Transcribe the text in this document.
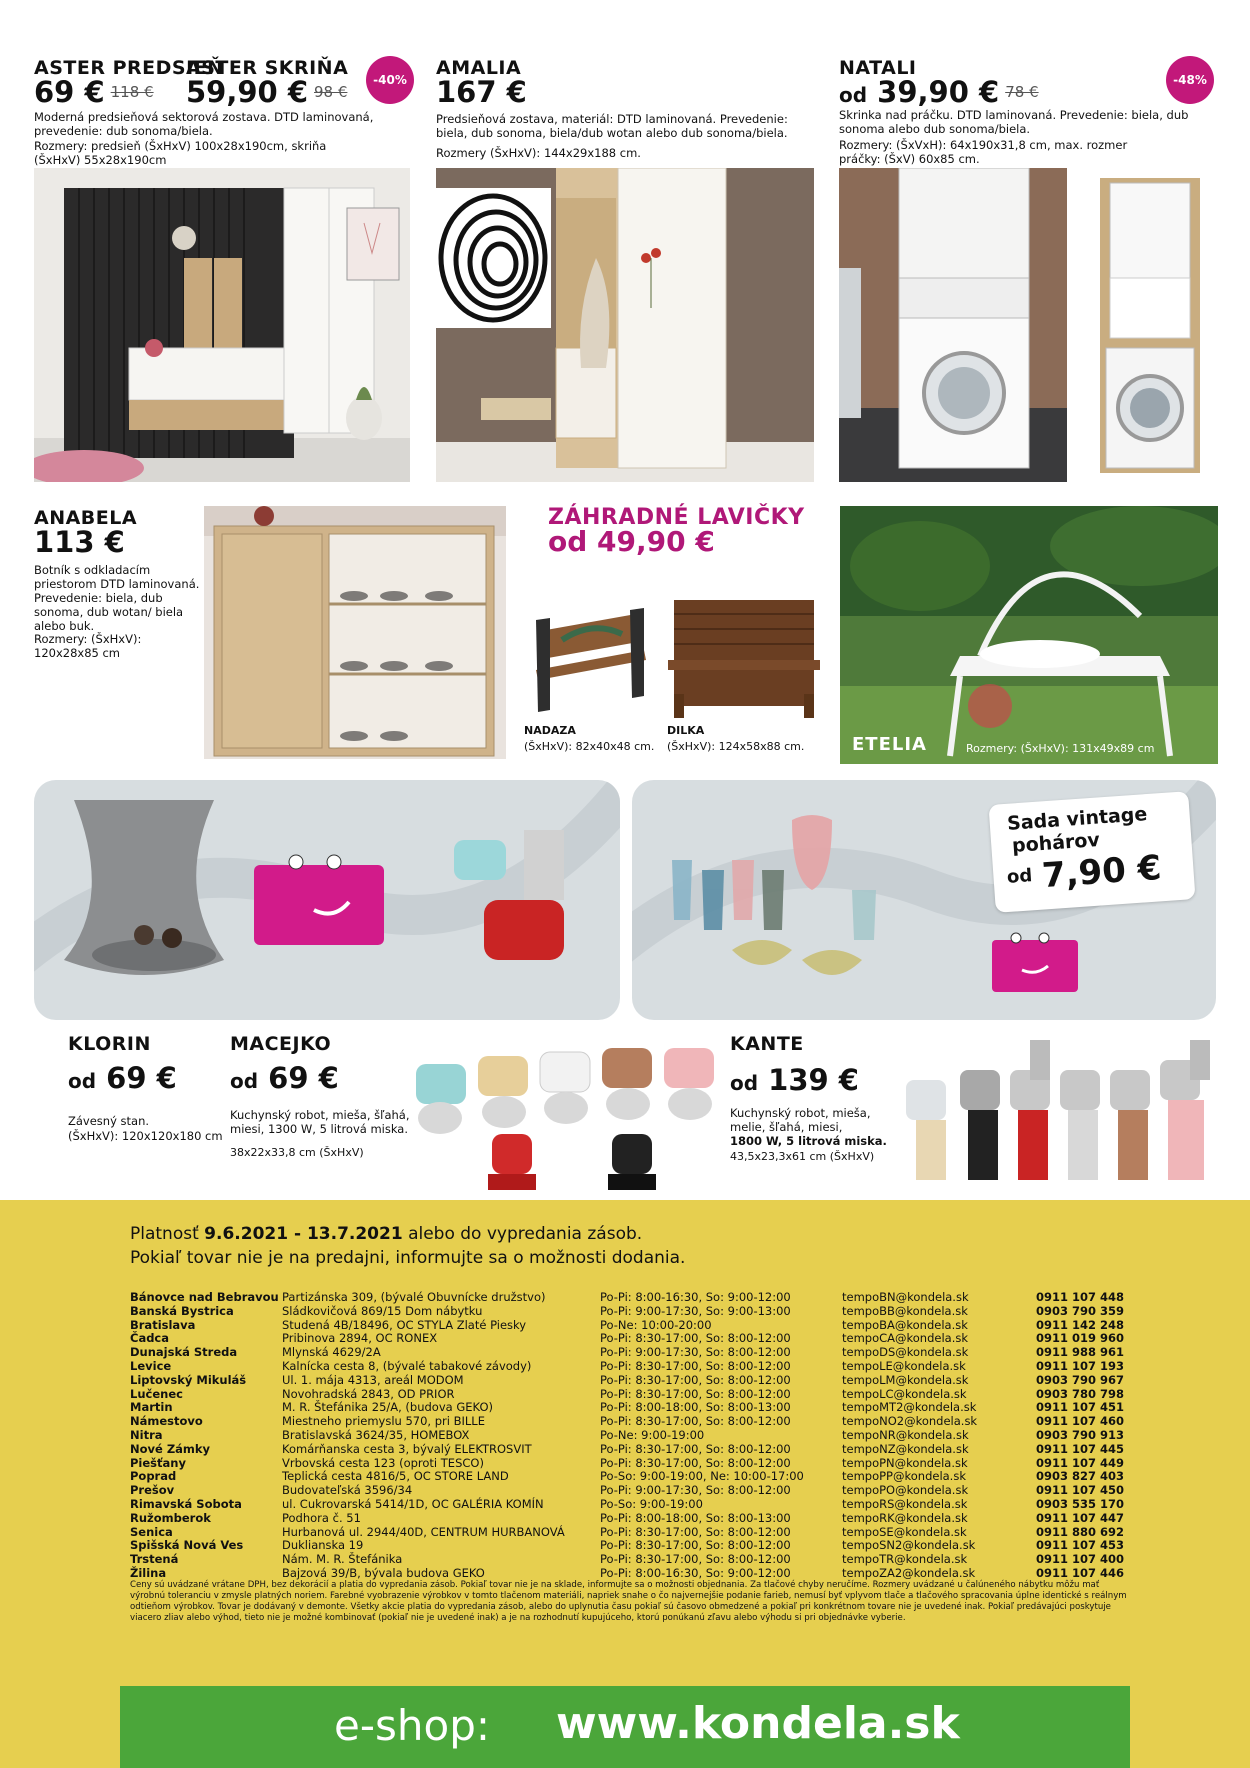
ASTER PREDSIEŇ
ASTER SKRIŇA
69 € $^{118 €}$ 59,90 € $^{98 €}$
-40%
Moderná predsieňová sektorová zostava. DTD laminovaná, prevedenie: dub sonoma/biela.
Rozmery: predsieň (ŠxHxV) 100x28x190cm, skriňa (ŠxHxV) 55x28x190cm
AMALIA
167 €
Predsieňová zostava, materiál: DTD laminovaná. Prevedenie: biela, dub sonoma, biela/dub wotan alebo dub sonoma/biela.
Rozmery (ŠxHxV): 144x29x188 cm.
NATALI
od 39,90 € $^{78 €}$
-48%
Skrinka nad práčku. DTD laminovaná. Prevedenie: biela, dub sonoma alebo dub sonoma/biela.
Rozmery: (ŠxVxH): 64x190x31,8 cm, max. rozmer práčky: (ŠxV) 60x85 cm.
ANABELA
113 €
Botník s odkladacím priestorom DTD laminovaná. Prevedenie: biela, dub sonoma, dub wotan/ biela alebo buk.
Rozmery: (ŠxHxV): 120x28x85 cm
ZÁHRADNÉ LAVIČKY
od 49,90 €
NADAZA
(ŠxHxV): 82x40x48 cm.
DILKA
(ŠxHxV): 124x58x88 cm.	ETELIA	Rozmery: (ŠxHxV): 131x49x89 cm
Sada vintage
pohárov
od 7,90 €
KLORIN
od 69 €
Závesný stan.
(ŠxHxV): 120x120x180 cm
MACEJKO
od 69 €
Kuchynský robot, mieša, šľahá, miesi, 1300 W, 5 litrová miska.
38x22x33,8 cm (ŠxHxV)
KANTE
od 139 €
Kuchynský robot, mieša, melie, šľahá, miesi,
1800 W, 5 litrová miska.
43,5x23,3x61 cm (ŠxHxV)
Platnosť 9.6.2021 - 13.7.2021 alebo do vypredania zásob.
Pokiaľ tovar nie je na predajni, informujte sa o možnosti dodania.
Bánovce nad Bebravou Partizánska 309, (bývalé Obuvnícke družstvo)	Po-Pi: 8:00-16:30, So: 9:00-12:00	tempoBN@kondela.sk	0911 107 448
Banská Bystrica	Sládkovičová 869/15 Dom nábytku	Po-Pi: 9:00-17:30, So: 9:00-13:00	tempoBB@kondela.sk	0903 790 359
Bratislava	Studená 4B/18496, OC STYLA Zlaté Piesky	Po-Ne: 10:00-20:00	tempoBA@kondela.sk	0911 142 248
Čadca	Pribinova 2894, OC RONEX	Po-Pi: 8:30-17:00, So: 8:00-12:00	tempoCA@kondela.sk	0911 019 960
Dunajská Streda	Mlynská 4629/2A	Po-Pi: 9:00-17:30, So: 8:00-12:00	tempoDS@kondela.sk	0911 988 961
Levice	Kalnícka cesta 8, (bývalé tabakové závody)	Po-Pi: 8:30-17:00, So: 8:00-12:00	tempoLE@kondela.sk	0911 107 193
Liptovský Mikuláš	Ul. 1. mája 4313, areál MODOM	Po-Pi: 8:30-17:00, So: 8:00-12:00	tempoLM@kondela.sk	0903 790 967
Lučenec	Novohradská 2843, OD PRIOR	Po-Pi: 8:30-17:00, So: 8:00-12:00	tempoLC@kondela.sk	0903 780 798
Martin	M. R. Štefánika 25/A, (budova GEKO)	Po-Pi: 8:00-18:00, So: 8:00-13:00	tempoMT2@kondela.sk	0911 107 451
Námestovo	Miestneho priemyslu 570, pri BILLE	Po-Pi: 8:30-17:00, So: 8:00-12:00	tempoNO2@kondela.sk	0911 107 460
Nitra	Bratislavská 3624/35, HOMEBOX	Po-Ne: 9:00-19:00	tempoNR@kondela.sk	0903 790 913
Nové Zámky	Komárňanska cesta 3, bývalý ELEKTROSVIT	Po-Pi: 8:30-17:00, So: 8:00-12:00	tempoNZ@kondela.sk	0911 107 445
Piešťany	Vrbovská cesta 123 (oproti TESCO)	Po-Pi: 8:30-17:00, So: 8:00-12:00	tempoPN@kondela.sk	0911 107 449
Poprad	Teplická cesta 4816/5, OC STORE LAND	Po-So: 9:00-19:00, Ne: 10:00-17:00	tempoPP@kondela.sk	0903 827 403
Prešov	Budovateľská 3596/34	Po-Pi: 9:00-17:30, So: 8:00-12:00	tempoPO@kondela.sk	0911 107 450
Rimavská Sobota	ul. Cukrovarská 5414/1D, OC GALÉRIA KOMÍN	Po-So: 9:00-19:00	tempoRS@kondela.sk	0903 535 170
Ružomberok	Podhora č. 51	Po-Pi: 8:00-18:00, So: 8:00-13:00	tempoRK@kondela.sk	0911 107 447
Senica	Hurbanová ul. 2944/40D, CENTRUM HURBANOVÁ	Po-Pi: 8:30-17:00, So: 8:00-12:00	tempoSE@kondela.sk	0911 880 692
Spišská Nová Ves	Duklianska 19	Po-Pi: 8:30-17:00, So: 8:00-12:00	tempoSN2@kondela.sk	0911 107 453
Trstená	Nám. M. R. Štefánika	Po-Pi: 8:30-17:00, So: 8:00-12:00	tempoTR@kondela.sk	0911 107 400
Žilina	Bajzová 39/B, bývala budova GEKO	Po-Pi: 8:00-16:30, So: 9:00-12:00	tempoZA2@kondela.sk	0911 107 446
Ceny sú uvádzané vrátane DPH, bez dekorácií a platia do vypredania zásob. Pokiaľ tovar nie je na sklade, informujte sa o možnosti objednania. Za tlačové chyby neručíme. Rozmery uvádzané u čalúneného nábytku môžu mať výrobnú toleranciu v zmysle platných noriem. Farebné vyobrazenie výrobkov v tomto tlačenom materiáli, napriek snahe o čo najvernejšie podanie farieb, nemusí byť vplyvom tlače a tlačového spracovania úplne identické s reálnym odtieňom výrobkov. Tovar je dodávaný v demonte. Všetky akcie platia do vypredania zásob, alebo do uplynutia času pokiaľ sú časovo obmedzené a pokiaľ pri konkrétnom tovare nie je uvedené inak. Pokiaľ predávajúci poskytuje viacero zliav alebo výhod, tieto nie je možné kombinovať (pokiaľ nie je uvedené inak) a je na rozhodnutí kupujúceho, ktorú ponúkanú zľavu alebo výhodu si pri objednávke vyberie.
e-shop: www.kondela.sk
